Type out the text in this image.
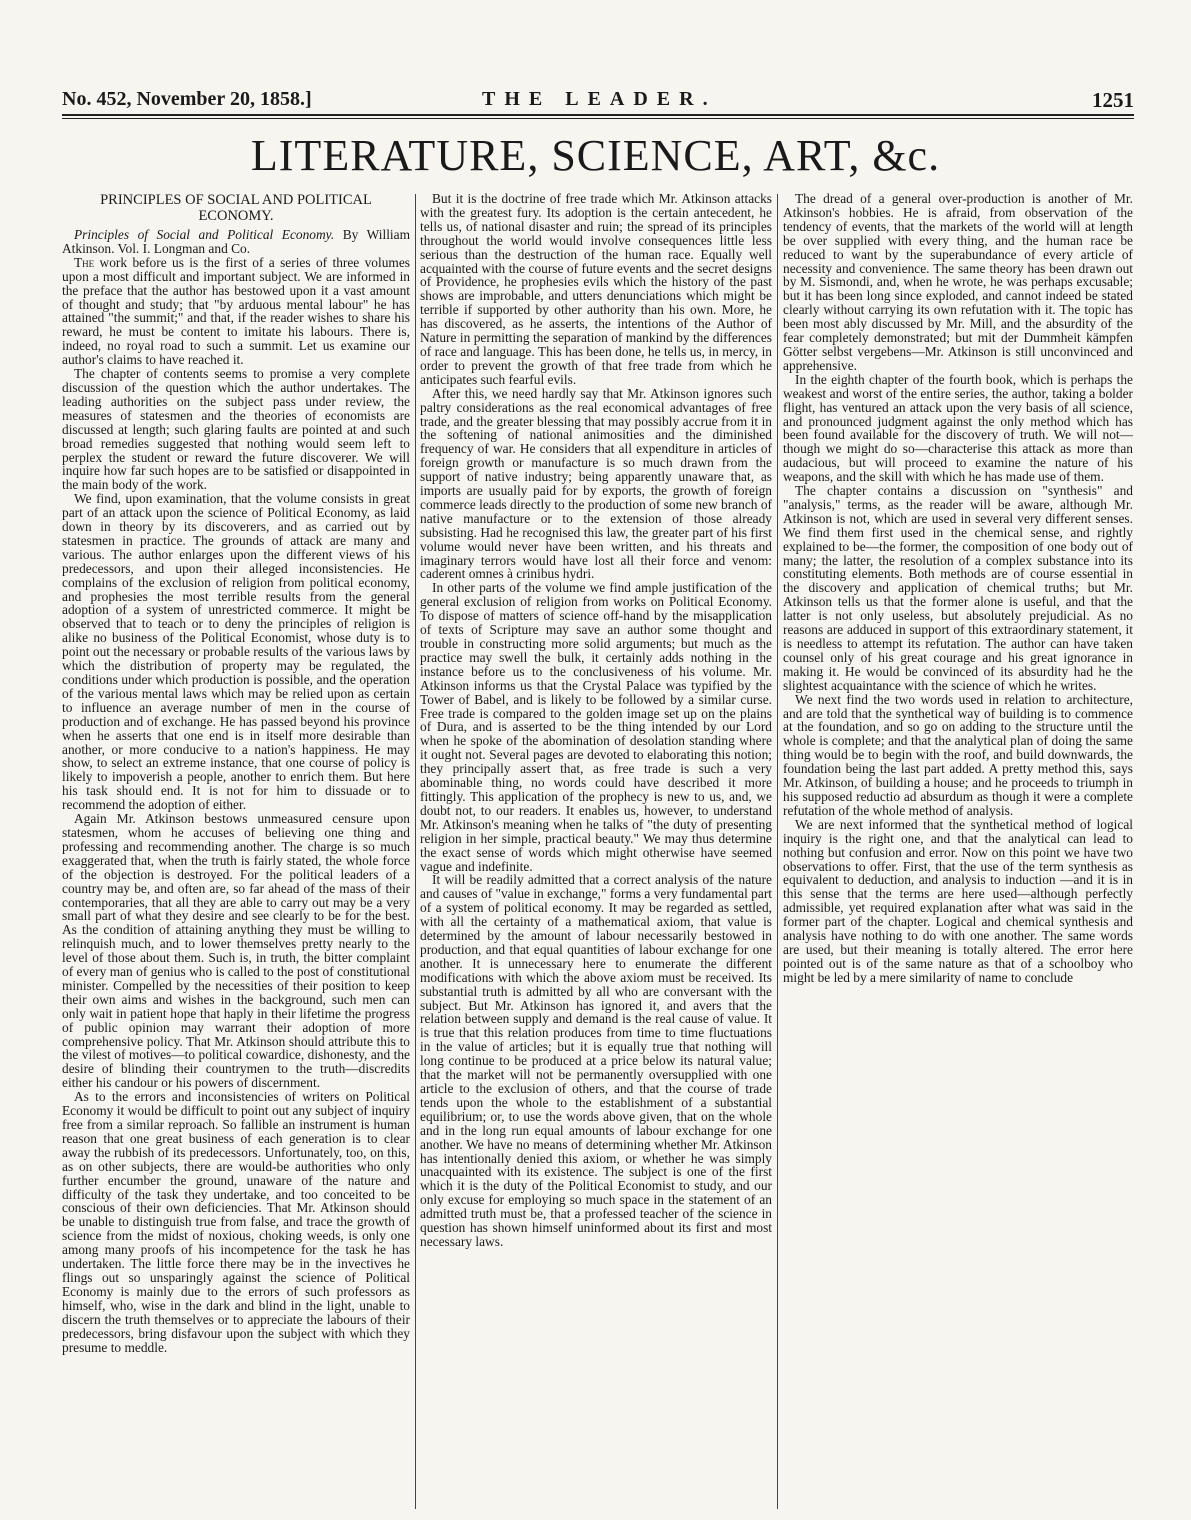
No. 452, November 20, 1858.]	THE LEADER.	1251
LITERATURE, SCIENCE, ART, &c.
PRINCIPLES OF SOCIAL AND POLITICAL ECONOMY.

Principles of Social and Political Economy. By William Atkinson. Vol. I. Longman and Co.

The work before us is the first of a series of three volumes upon a most difficult and important subject. We are informed in the preface that the author has bestowed upon it a vast amount of thought and study; that "by arduous mental labour" he has attained "the summit;" and that, if the reader wishes to share his reward, he must be content to imitate his labours. There is, indeed, no royal road to such a summit. Let us examine our author's claims to have reached it.

The chapter of contents seems to promise a very complete discussion of the question which the author undertakes. The leading authorities on the subject pass under review, the measures of statesmen and the theories of economists are discussed at length; such glaring faults are pointed at and such broad remedies suggested that nothing would seem left to perplex the student or reward the future discoverer. We will inquire how far such hopes are to be satisfied or disappointed in the main body of the work.

We find, upon examination, that the volume consists in great part of an attack upon the science of Political Economy, as laid down in theory by its discoverers, and as carried out by statesmen in practice. The grounds of attack are many and various. The author enlarges upon the different views of his predecessors, and upon their alleged inconsistencies. He complains of the exclusion of religion from political economy, and prophesies the most terrible results from the general adoption of a system of unrestricted commerce. It might be observed that to teach or to deny the principles of religion is alike no business of the Political Economist, whose duty is to point out the necessary or probable results of the various laws by which the distribution of property may be regulated, the conditions under which production is possible, and the operation of the various mental laws which may be relied upon as certain to influence an average number of men in the course of production and of exchange. He has passed beyond his province when he asserts that one end is in itself more desirable than another, or more conducive to a nation's happiness. He may show, to select an extreme instance, that one course of policy is likely to impoverish a people, another to enrich them. But here his task should end. It is not for him to dissuade or to recommend the adoption of either.

Again Mr. Atkinson bestows unmeasured censure upon statesmen, whom he accuses of believing one thing and professing and recommending another. The charge is so much exaggerated that, when the truth is fairly stated, the whole force of the objection is destroyed. For the political leaders of a country may be, and often are, so far ahead of the mass of their contemporaries, that all they are able to carry out may be a very small part of what they desire and see clearly to be for the best. As the condition of attaining anything they must be willing to relinquish much, and to lower themselves pretty nearly to the level of those about them. Such is, in truth, the bitter complaint of every man of genius who is called to the post of constitutional minister. Compelled by the necessities of their position to keep their own aims and wishes in the background, such men can only wait in patient hope that haply in their lifetime the progress of public opinion may warrant their adoption of more comprehensive policy. That Mr. Atkinson should attribute this to the vilest of motives—to political cowardice, dishonesty, and the desire of blinding their countrymen to the truth—discredits either his candour or his powers of discernment.

As to the errors and inconsistencies of writers on Political Economy it would be difficult to point out any subject of inquiry free from a similar reproach. So fallible an instrument is human reason that one great business of each generation is to clear away the rubbish of its predecessors. Unfortunately, too, on this, as on other subjects, there are would-be authorities who only further encumber the ground, unaware of the nature and difficulty of the task they undertake, and too conceited to be conscious of their own deficiencies. That Mr. Atkinson should be unable to distinguish true from false, and trace the growth of science from the midst of noxious, choking weeds, is only one among many proofs of his incompetence for the task he has undertaken. The little force there may be in the invectives he flings out so unsparingly against the science of Political Economy is mainly due to the errors of such professors as himself, who, wise in the dark and blind in the light, unable to discern the truth themselves or to appreciate the labours of their predecessors, bring disfavour upon the subject with which they presume to meddle.

But it is the doctrine of free trade which Mr. Atkinson attacks with the greatest fury. Its adoption is the certain antecedent, he tells us, of national disaster and ruin; the spread of its principles throughout the world would involve consequences little less serious than the destruction of the human race. Equally well acquainted with the course of future events and the secret designs of Providence, he prophesies evils which the history of the past shows are improbable, and utters denunciations which might be terrible if supported by other authority than his own. More, he has discovered, as he asserts, the intentions of the Author of Nature in permitting the separation of mankind by the differences of race and language. This has been done, he tells us, in mercy, in order to prevent the growth of that free trade from which he anticipates such fearful evils.

After this, we need hardly say that Mr. Atkinson ignores such paltry considerations as the real economical advantages of free trade, and the greater blessing that may possibly accrue from it in the softening of national animosities and the diminished frequency of war. He considers that all expenditure in articles of foreign growth or manufacture is so much drawn from the support of native industry; being apparently unaware that, as imports are usually paid for by exports, the growth of foreign commerce leads directly to the production of some new branch of native manufacture or to the extension of those already subsisting. Had he recognised this law, the greater part of his first volume would never have been written, and his threats and imaginary terrors would have lost all their force and venom: caderent omnes à crinibus hydri.

In other parts of the volume we find ample justification of the general exclusion of religion from works on Political Economy. To dispose of matters of science off-hand by the misapplication of texts of Scripture may save an author some thought and trouble in constructing more solid arguments; but much as the practice may swell the bulk, it certainly adds nothing in the instance before us to the conclusiveness of his volume. Mr. Atkinson informs us that the Crystal Palace was typified by the Tower of Babel, and is likely to be followed by a similar curse. Free trade is compared to the golden image set up on the plains of Dura, and is asserted to be the thing intended by our Lord when he spoke of the abomination of desolation standing where it ought not. Several pages are devoted to elaborating this notion; they principally assert that, as free trade is such a very abominable thing, no words could have described it more fittingly. This application of the prophecy is new to us, and, we doubt not, to our readers. It enables us, however, to understand Mr. Atkinson's meaning when he talks of "the duty of presenting religion in her simple, practical beauty." We may thus determine the exact sense of words which might otherwise have seemed vague and indefinite.

It will be readily admitted that a correct analysis of the nature and causes of "value in exchange," forms a very fundamental part of a system of political economy. It may be regarded as settled, with all the certainty of a mathematical axiom, that value is determined by the amount of labour necessarily bestowed in production, and that equal quantities of labour exchange for one another. It is unnecessary here to enumerate the different modifications with which the above axiom must be received. Its substantial truth is admitted by all who are conversant with the subject. But Mr. Atkinson has ignored it, and avers that the relation between supply and demand is the real cause of value. It is true that this relation produces from time to time fluctuations in the value of articles; but it is equally true that nothing will long continue to be produced at a price below its natural value; that the market will not be permanently oversupplied with one article to the exclusion of others, and that the course of trade tends upon the whole to the establishment of a substantial equilibrium; or, to use the words above given, that on the whole and in the long run equal amounts of labour exchange for one another. We have no means of determining whether Mr. Atkinson has intentionally denied this axiom, or whether he was simply unacquainted with its existence. The subject is one of the first which it is the duty of the Political Economist to study, and our only excuse for employing so much space in the statement of an admitted truth must be, that a professed teacher of the science in question has shown himself uninformed about its first and most necessary laws.

The dread of a general over-production is another of Mr. Atkinson's hobbies. He is afraid, from observation of the tendency of events, that the markets of the world will at length be over supplied with every thing, and the human race be reduced to want by the superabundance of every article of necessity and convenience. The same theory has been drawn out by M. Sismondi, and, when he wrote, he was perhaps excusable; but it has been long since exploded, and cannot indeed be stated clearly without carrying its own refutation with it. The topic has been most ably discussed by Mr. Mill, and the absurdity of the fear completely demonstrated; but mit der Dummheit kämpfen Götter selbst vergebens—Mr. Atkinson is still unconvinced and apprehensive.

In the eighth chapter of the fourth book, which is perhaps the weakest and worst of the entire series, the author, taking a bolder flight, has ventured an attack upon the very basis of all science, and pronounced judgment against the only method which has been found available for the discovery of truth. We will not—though we might do so—characterise this attack as more than audacious, but will proceed to examine the nature of his weapons, and the skill with which he has made use of them.

The chapter contains a discussion on "synthesis" and "analysis," terms, as the reader will be aware, although Mr. Atkinson is not, which are used in several very different senses. We find them first used in the chemical sense, and rightly explained to be—the former, the composition of one body out of many; the latter, the resolution of a complex substance into its constituting elements. Both methods are of course essential in the discovery and application of chemical truths; but Mr. Atkinson tells us that the former alone is useful, and that the latter is not only useless, but absolutely prejudicial. As no reasons are adduced in support of this extraordinary statement, it is needless to attempt its refutation. The author can have taken counsel only of his great courage and his great ignorance in making it. He would be convinced of its absurdity had he the slightest acquaintance with the science of which he writes.

We next find the two words used in relation to architecture, and are told that the synthetical way of building is to commence at the foundation, and so go on adding to the structure until the whole is complete; and that the analytical plan of doing the same thing would be to begin with the roof, and build downwards, the foundation being the last part added. A pretty method this, says Mr. Atkinson, of building a house; and he proceeds to triumph in his supposed reductio ad absurdum as though it were a complete refutation of the whole method of analysis.

We are next informed that the synthetical method of logical inquiry is the right one, and that the analytical can lead to nothing but confusion and error. Now on this point we have two observations to offer. First, that the use of the term synthesis as equivalent to deduction, and analysis to induction —and it is in this sense that the terms are here used—although perfectly admissible, yet required explanation after what was said in the former part of the chapter. Logical and chemical synthesis and analysis have nothing to do with one another. The same words are used, but their meaning is totally altered. The error here pointed out is of the same nature as that of a schoolboy who might be led by a mere similarity of name to conclude
